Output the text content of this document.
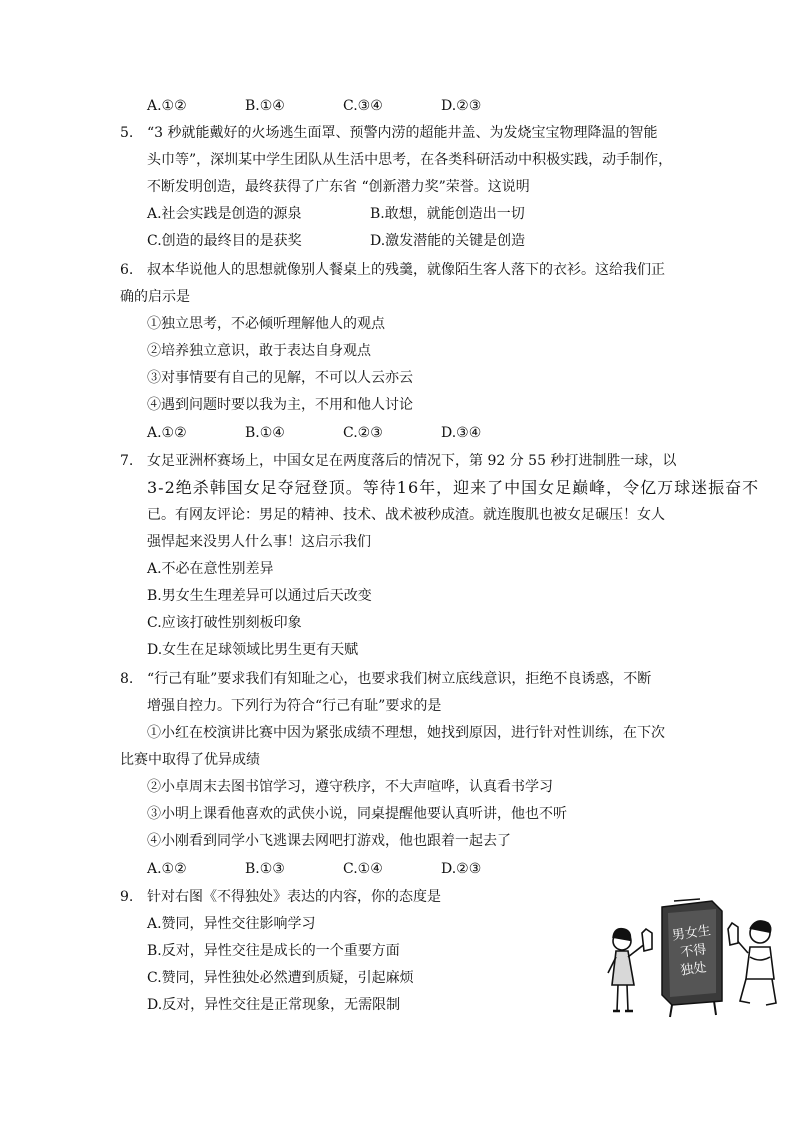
A.①②	B.①④	C.③④	D.②③
5. “3 秒就能戴好的火场逃生面罩、预警内涝的超能井盖、为发烧宝宝物理降温的智能
头巾等”，深圳某中学生团队从生活中思考，在各类科研活动中积极实践，动手制作，
不断发明创造，最终获得了广东省 “创新潜力奖”荣誉。这说明
A.社会实践是创造的源泉	B.敢想，就能创造出一切
C.创造的最终目的是获奖	D.激发潜能的关键是创造
6. 叔本华说他人的思想就像别人餐桌上的残羹，就像陌生客人落下的衣衫。这给我们正
确的启示是
①独立思考，不必倾听理解他人的观点
②培养独立意识，敢于表达自身观点
③对事情要有自己的见解，不可以人云亦云
④遇到问题时要以我为主，不用和他人讨论
A.①②	B.①④	C.②③	D.③④
7. 女足亚洲杯赛场上，中国女足在两度落后的情况下，第 92 分 55 秒打进制胜一球，以
3-2绝杀韩国女足夺冠登顶。等待16年，迎来了中国女足巅峰，令亿万球迷振奋不
已。有网友评论：男足的精神、技术、战术被秒成渣。就连腹肌也被女足碾压！女人
强悍起来没男人什么事！这启示我们
A.不必在意性别差异
B.男女生生理差异可以通过后天改变
C.应该打破性别刻板印象
D.女生在足球领域比男生更有天赋
8. “行己有耻”要求我们有知耻之心，也要求我们树立底线意识，拒绝不良诱惑，不断
增强自控力。下列行为符合“行己有耻”要求的是
①小红在校演讲比赛中因为紧张成绩不理想，她找到原因，进行针对性训练，在下次
比赛中取得了优异成绩
②小卓周末去图书馆学习，遵守秩序，不大声喧哗，认真看书学习
③小明上课看他喜欢的武侠小说，同桌提醒他要认真听讲，他也不听
④小刚看到同学小飞逃课去网吧打游戏，他也跟着一起去了
A.①②	B.①③	C.①④	D.②③
9. 针对右图《不得独处》表达的内容，你的态度是
A.赞同，异性交往影响学习
B.反对，异性交往是成长的一个重要方面
C.赞同，异性独处必然遭到质疑，引起麻烦
D.反对，异性交往是正常现象，无需限制
男女生
不得
独处
